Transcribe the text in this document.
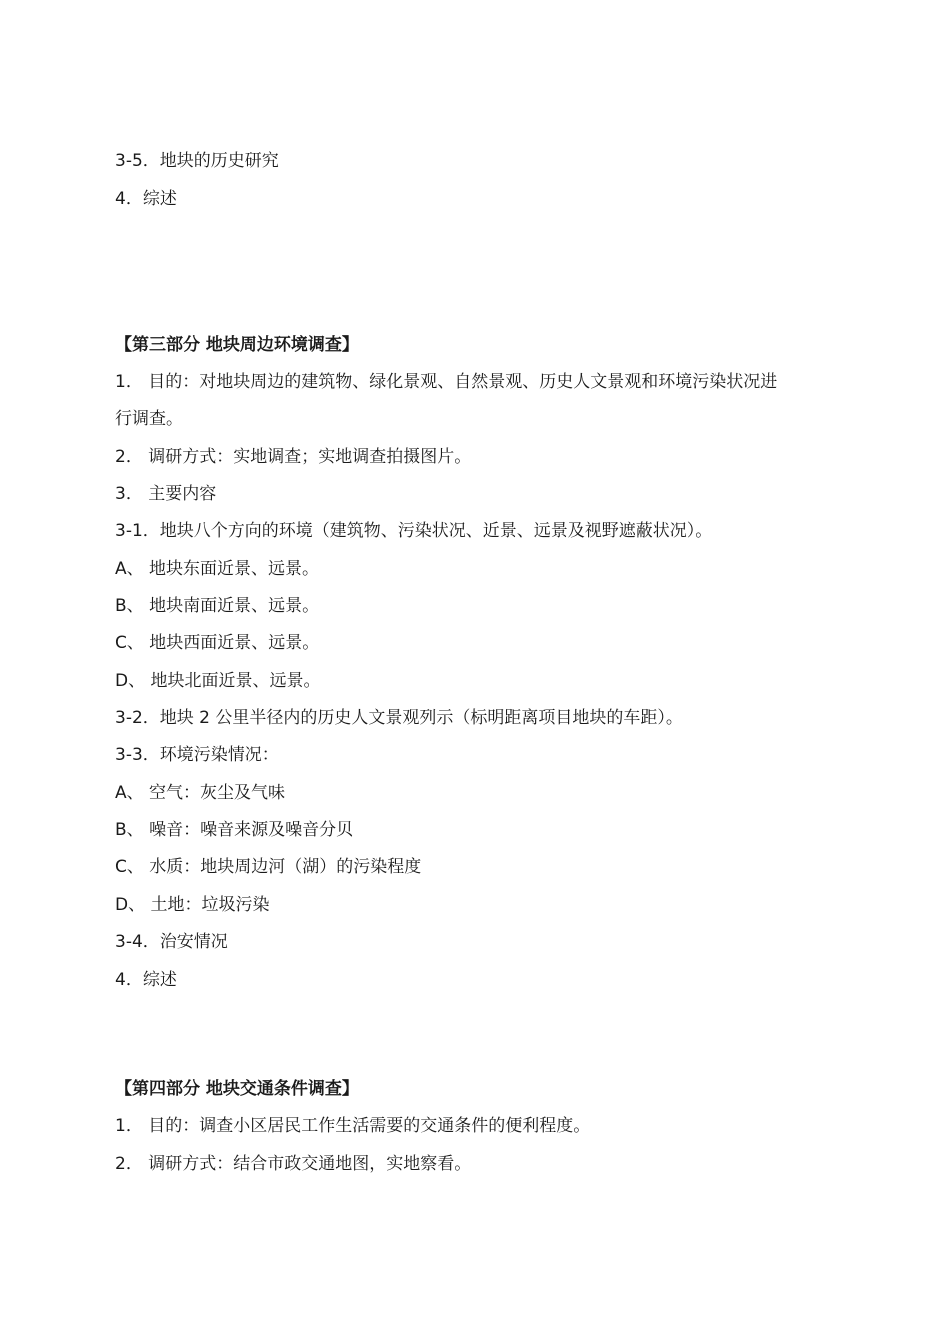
3-5．地块的历史研究
4．综述
【第三部分 地块周边环境调查】
1． 目的：对地块周边的建筑物、绿化景观、自然景观、历史人文景观和环境污染状况进
行调查。
2． 调研方式：实地调查；实地调查拍摄图片。
3． 主要内容
3-1．地块八个方向的环境（建筑物、污染状况、近景、远景及视野遮蔽状况）。
A、 地块东面近景、远景。
B、 地块南面近景、远景。
C、 地块西面近景、远景。
D、 地块北面近景、远景。
3-2．地块 2 公里半径内的历史人文景观列示（标明距离项目地块的车距）。
3-3．环境污染情况：
A、 空气：灰尘及气味
B、 噪音：噪音来源及噪音分贝
C、 水质：地块周边河（湖）的污染程度
D、 土地：垃圾污染
3-4．治安情况
4．综述
【第四部分 地块交通条件调查】
1． 目的：调查小区居民工作生活需要的交通条件的便利程度。
2． 调研方式：结合市政交通地图，实地察看。
